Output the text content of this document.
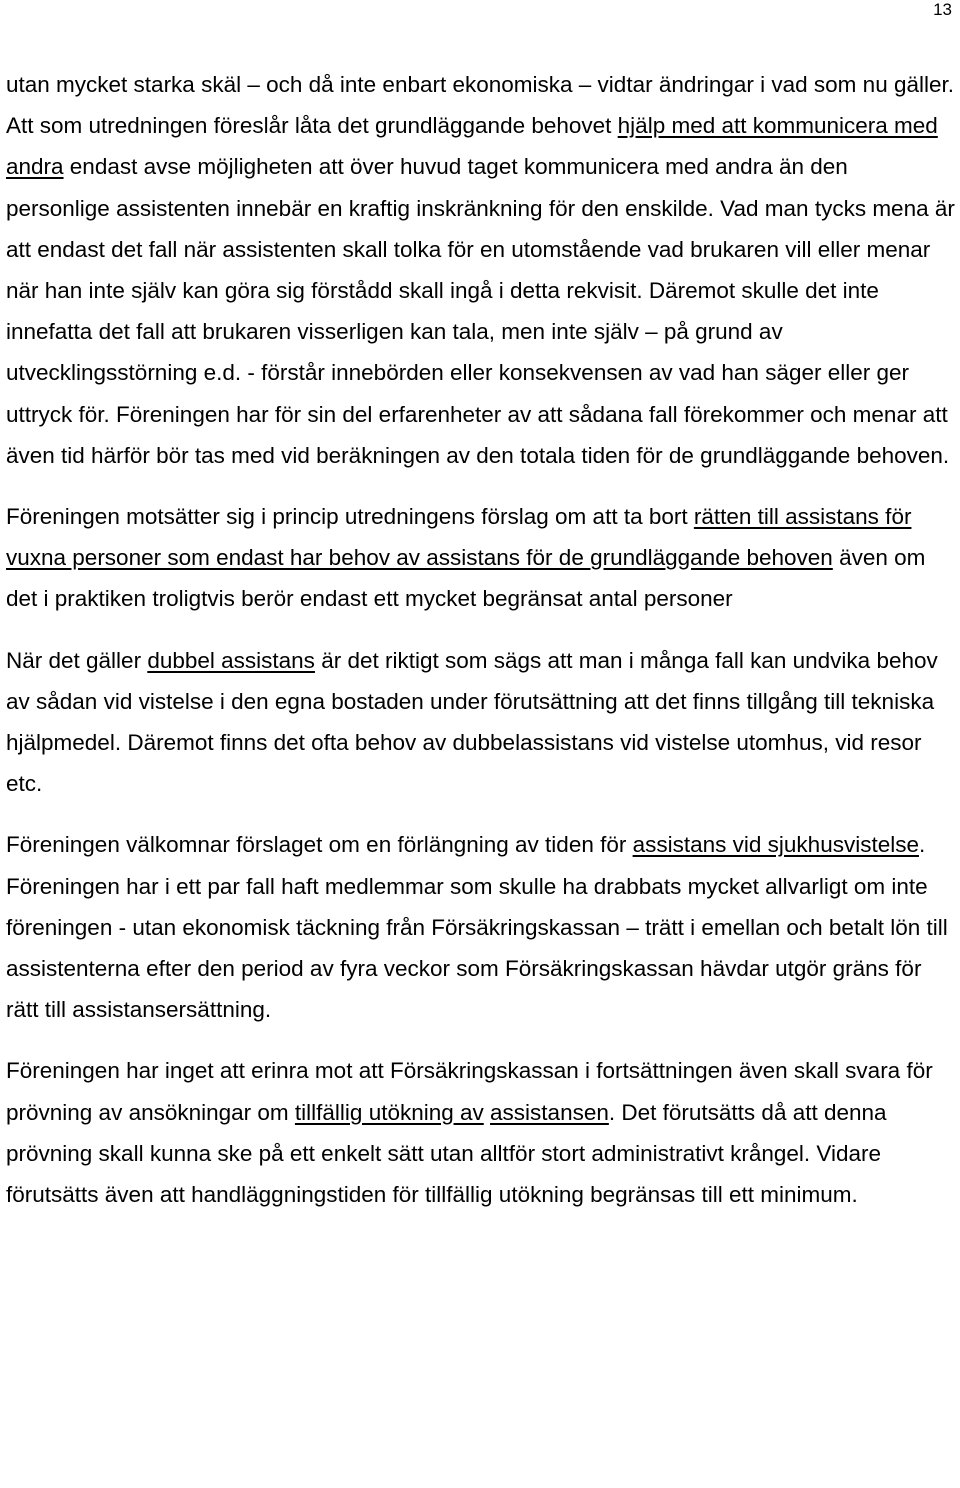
13

utan mycket starka skäl – och då inte enbart ekonomiska – vidtar ändringar i vad som nu gäller.

Att som utredningen föreslår låta det grundläggande behovet hjälp med att kommunicera med andra endast avse möjligheten att över huvud taget kommunicera med andra än den personlige assistenten innebär en kraftig inskränkning för den enskilde. Vad man tycks mena är att endast det fall när assistenten skall tolka för en utomstående vad brukaren vill eller menar när han inte själv kan göra sig förstådd skall ingå i detta rekvisit. Däremot skulle det inte innefatta det fall att brukaren visserligen kan tala, men inte själv – på grund av utvecklingsstörning e.d. - förstår innebörden eller konsekvensen av vad han säger eller ger uttryck för. Föreningen har för sin del erfarenheter av att sådana fall förekommer och menar att även tid härför bör tas med vid beräkningen av den totala tiden för de grundläggande behoven.

Föreningen motsätter sig i princip utredningens förslag om att ta bort rätten till assistans för vuxna personer som endast har behov av assistans för de grundläggande behoven även om det i praktiken troligtvis berör endast ett mycket begränsat antal personer

När det gäller dubbel assistans är det riktigt som sägs att man i många fall kan undvika behov av sådan vid vistelse i den egna bostaden under förutsättning att det finns tillgång till tekniska hjälpmedel. Däremot finns det ofta behov av dubbelassistans vid vistelse utomhus, vid resor etc.

Föreningen välkomnar förslaget om en förlängning av tiden för assistans vid sjukhusvistelse. Föreningen har i ett par fall haft medlemmar som skulle ha drabbats mycket allvarligt om inte föreningen - utan ekonomisk täckning från Försäkringskassan – trätt i emellan och betalt lön till assistenterna efter den period av fyra veckor som Försäkringskassan hävdar utgör gräns för rätt till assistansersättning.

Föreningen har inget att erinra mot att Försäkringskassan i fortsättningen även skall svara för prövning av ansökningar om tillfällig utökning av assistansen. Det förutsätts då att denna prövning skall kunna ske på ett enkelt sätt utan alltför stort administrativt krångel. Vidare förutsätts även att handläggningstiden för tillfällig utökning begränsas till ett minimum.
